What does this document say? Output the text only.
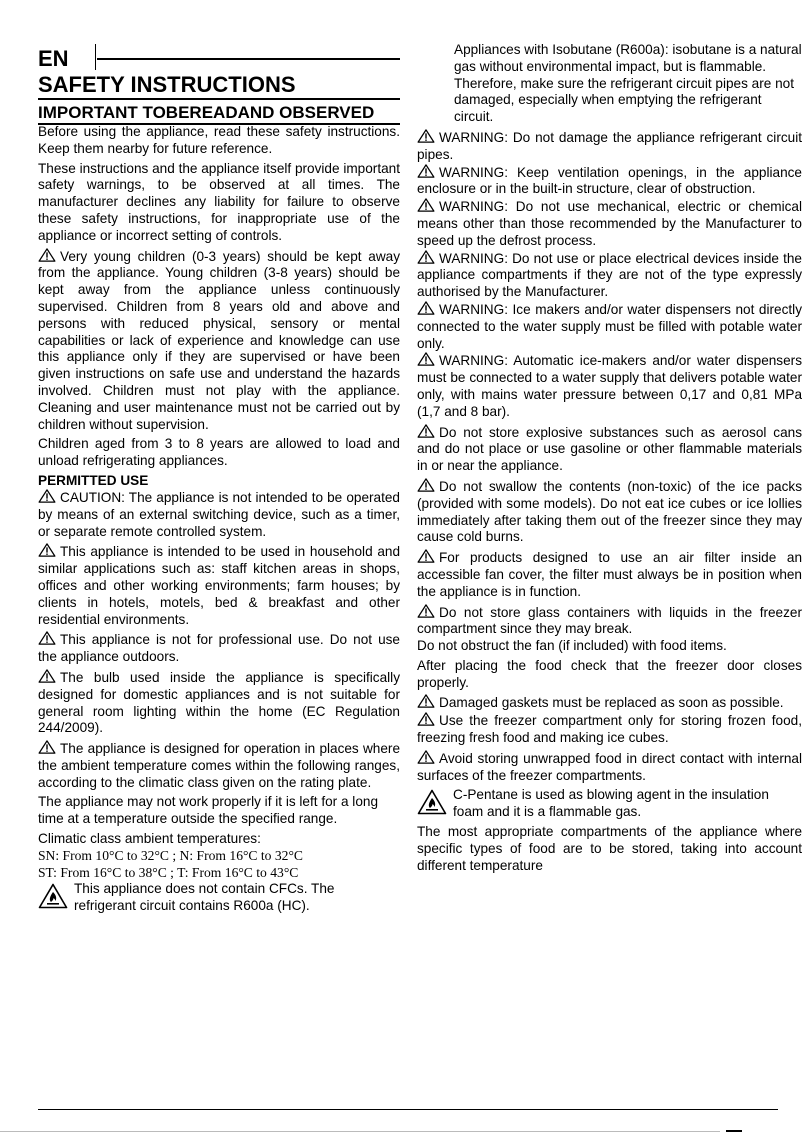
EN
SAFETY INSTRUCTIONS
IMPORTANT TOBEREADAND OBSERVED

Before using the appliance, read these safety instructions. Keep them nearby for future reference.

These instructions and the appliance itself provide important safety warnings, to be observed at all times. The manufacturer declines any liability for failure to observe these safety instructions, for inappropriate use of the appliance or incorrect setting of controls.

Very young children (0-3 years) should be kept away from the appliance. Young children (3-8 years) should be kept away from the appliance unless continuously supervised. Children from 8 years old and above and persons with reduced physical, sensory or mental capabilities or lack of experience and knowledge can use this appliance only if they are supervised or have been given instructions on safe use and understand the hazards involved. Children must not play with the appliance. Cleaning and user maintenance must not be carried out by children without supervision.

Children aged from 3 to 8 years are allowed to load and unload refrigerating appliances.

PERMITTED USE

CAUTION: The appliance is not intended to be operated by means of an external switching device, such as a timer, or separate remote controlled system.

This appliance is intended to be used in household and similar applications such as: staff kitchen areas in shops, offices and other working environments; farm houses; by clients in hotels, motels, bed & breakfast and other residential environments.

This appliance is not for professional use. Do not use the appliance outdoors.

The bulb used inside the appliance is specifically designed for domestic appliances and is not suitable for general room lighting within the home (EC Regulation 244/2009).

The appliance is designed for operation in places where the ambient temperature comes within the following ranges, according to the climatic class given on the rating plate.

The appliance may not work properly if it is left for a long time at a temperature outside the specified range.

Climatic class ambient temperatures:

SN: From 10°C to 32°C ; N: From 16°C to 32°C

ST: From 16°C to 38°C ; T: From 16°C to 43°C

This appliance does not contain CFCs. The refrigerant circuit contains R600a (HC).

Appliances with Isobutane (R600a): isobutane is a natural gas without environmental impact, but is flammable. Therefore, make sure the refrigerant circuit pipes are not damaged, especially when emptying the refrigerant circuit.

WARNING: Do not damage the appliance refrigerant circuit pipes.

WARNING: Keep ventilation openings, in the appliance enclosure or in the built-in structure, clear of obstruction.

WARNING: Do not use mechanical, electric or chemical means other than those recommended by the Manufacturer to speed up the defrost process.

WARNING: Do not use or place electrical devices inside the appliance compartments if they are not of the type expressly authorised by the Manufacturer.

WARNING: Ice makers and/or water dispensers not directly connected to the water supply must be filled with potable water only.

WARNING: Automatic ice-makers and/or water dispensers must be connected to a water supply that delivers potable water only, with mains water pressure between 0,17 and 0,81 MPa (1,7 and 8 bar).

Do not store explosive substances such as aerosol cans and do not place or use gasoline or other flammable materials in or near the appliance.

Do not swallow the contents (non-toxic) of the ice packs (provided with some models). Do not eat ice cubes or ice lollies immediately after taking them out of the freezer since they may cause cold burns.

For products designed to use an air filter inside an accessible fan cover, the filter must always be in position when the appliance is in function.

Do not store glass containers with liquids in the freezer compartment since they may break.

Do not obstruct the fan (if included) with food items.

After placing the food check that the freezer door closes properly.

Damaged gaskets must be replaced as soon as possible.

Use the freezer compartment only for storing frozen food, freezing fresh food and making ice cubes.

Avoid storing unwrapped food in direct contact with internal surfaces of the freezer compartments.

C-Pentane is used as blowing agent in the insulation foam and it is a flammable gas.

The most appropriate compartments of the appliance where specific types of food are to be stored, taking into account different temperature
